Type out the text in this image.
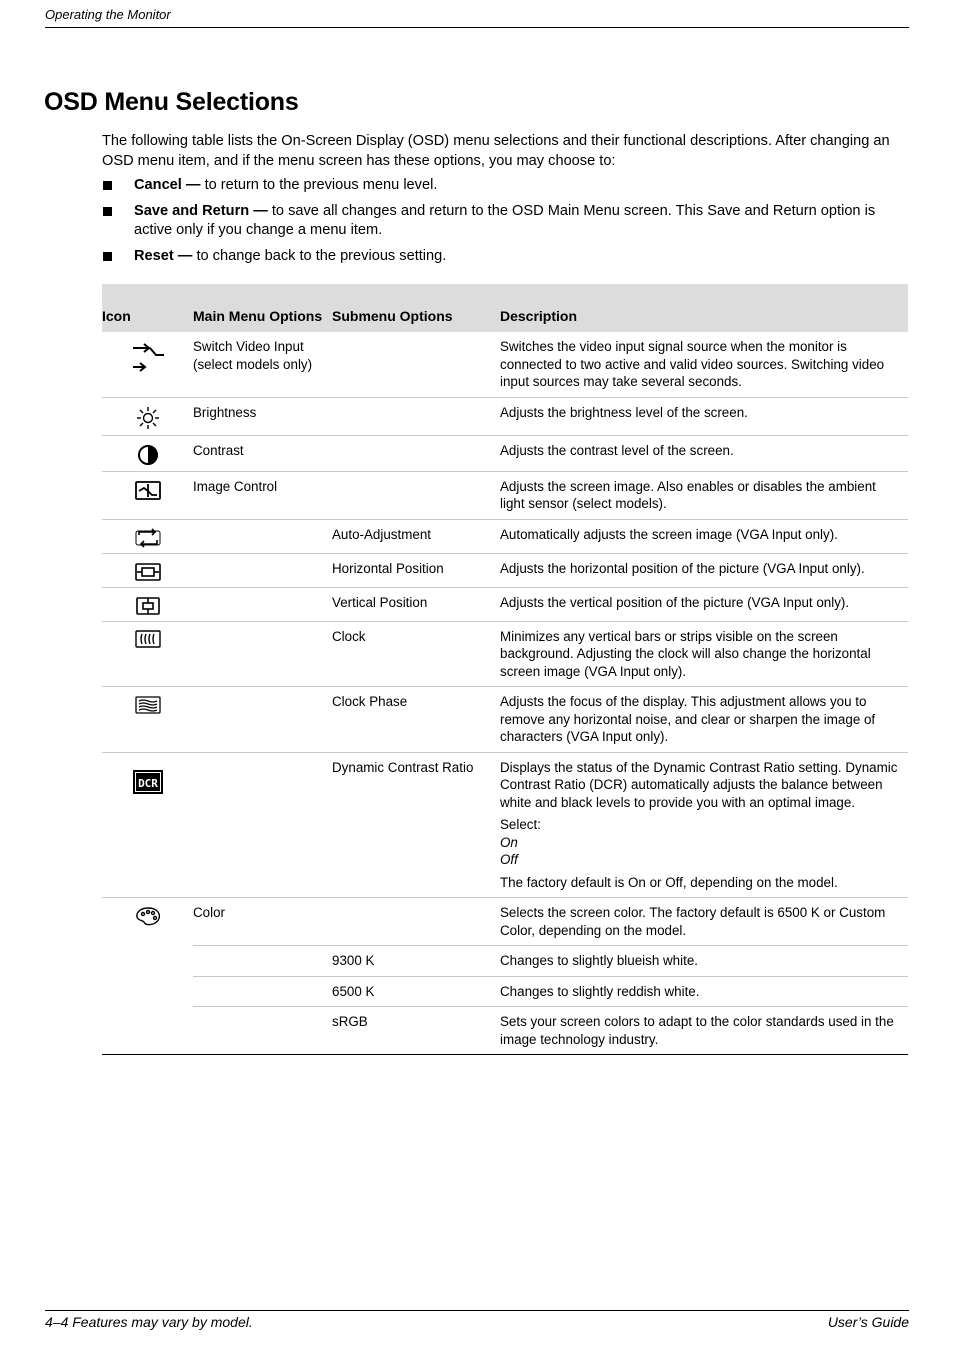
Operating the Monitor
OSD Menu Selections

The following table lists the On-Screen Display (OSD) menu selections and their functional descriptions. After changing an OSD menu item, and if the menu screen has these options, you may choose to:

Cancel — to return to the previous menu level.
Save and Return — to save all changes and return to the OSD Main Menu screen. This Save and Return option is active only if you change a menu item.
Reset — to change back to the previous setting.
Icon	Main Menu Options	Submenu Options	Description

	Switch Video Input (select models only)		Switches the video input signal source when the monitor is connected to two active and valid video sources. Switching video input sources may take several seconds.

	Brightness		Adjusts the brightness level of the screen.

	Contrast		Adjusts the contrast level of the screen.

	Image Control		Adjusts the screen image. Also enables or disables the ambient light sensor (select models).

		Auto-Adjustment	Automatically adjusts the screen image (VGA Input only).

		Horizontal Position	Adjusts the horizontal position of the picture (VGA Input only).

		Vertical Position	Adjusts the vertical position of the picture (VGA Input only).

		Clock	Minimizes any vertical bars or strips visible on the screen background. Adjusting the clock will also change the horizontal screen image (VGA Input only).

		Clock Phase	Adjusts the focus of the display. This adjustment allows you to remove any horizontal noise, and clear or sharpen the image of characters (VGA Input only).

DCR		Dynamic Contrast Ratio	Displays the status of the Dynamic Contrast Ratio setting. Dynamic Contrast Ratio (DCR) automatically adjusts the balance between white and black levels to provide you with an optimal image.

Select:
On
Off

The factory default is On or Off, depending on the model.

	Color		Selects the screen color. The factory default is 6500 K or Custom Color, depending on the model.
		9300 K	Changes to slightly blueish white.
		6500 K	Changes to slightly reddish white.
		sRGB	Sets your screen colors to adapt to the color standards used in the image technology industry.
4–4 Features may vary by model.	User’s Guide
